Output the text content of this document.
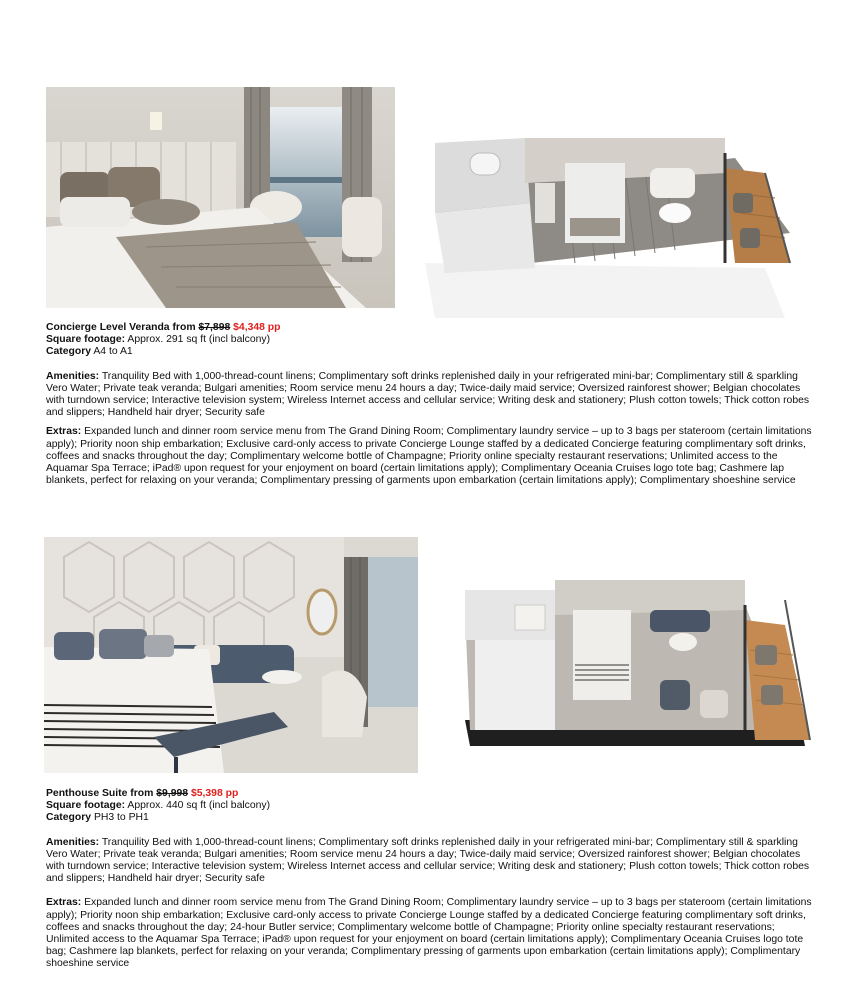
Concierge Level Veranda from $7,898 $4,348 pp

Square footage: Approx. 291 sq ft (incl balcony)

Category A4 to A1

Amenities: Tranquility Bed with 1,000-thread-count linens; Complimentary soft drinks replenished daily in your refrigerated mini-bar; Complimentary still & sparkling Vero Water; Private teak veranda; Bulgari amenities; Room service menu 24 hours a day; Twice-daily maid service; Oversized rainforest shower; Belgian chocolates with turndown service; Interactive television system; Wireless Internet access and cellular service; Writing desk and stationery; Plush cotton towels; Thick cotton robes and slippers; Handheld hair dryer; Security safe

Extras: Expanded lunch and dinner room service menu from The Grand Dining Room; Complimentary laundry service – up to 3 bags per stateroom (certain limitations apply); Priority noon ship embarkation; Exclusive card-only access to private Concierge Lounge staffed by a dedicated Concierge featuring complimentary soft drinks, coffees and snacks throughout the day; Complimentary welcome bottle of Champagne; Priority online specialty restaurant reservations; Unlimited access to the Aquamar Spa Terrace; iPad® upon request for your enjoyment on board (certain limitations apply); Complimentary Oceania Cruises logo tote bag; Cashmere lap blankets, perfect for relaxing on your veranda; Complimentary pressing of garments upon embarkation (certain limitations apply); Complimentary shoeshine service

Penthouse Suite from $9,998 $5,398 pp

Square footage: Approx. 440 sq ft (incl balcony)

Category PH3 to PH1

Amenities: Tranquility Bed with 1,000-thread-count linens; Complimentary soft drinks replenished daily in your refrigerated mini-bar; Complimentary still & sparkling Vero Water; Private teak veranda; Bulgari amenities; Room service menu 24 hours a day; Twice-daily maid service; Oversized rainforest shower; Belgian chocolates with turndown service; Interactive television system; Wireless Internet access and cellular service; Writing desk and stationery; Plush cotton towels; Thick cotton robes and slippers; Handheld hair dryer; Security safe

Extras: Expanded lunch and dinner room service menu from The Grand Dining Room; Complimentary laundry service – up to 3 bags per stateroom (certain limitations apply); Priority noon ship embarkation; Exclusive card-only access to private Concierge Lounge staffed by a dedicated Concierge featuring complimentary soft drinks, coffees and snacks throughout the day; 24-hour Butler service; Complimentary welcome bottle of Champagne; Priority online specialty restaurant reservations; Unlimited access to the Aquamar Spa Terrace; iPad® upon request for your enjoyment on board (certain limitations apply); Complimentary Oceania Cruises logo tote bag; Cashmere lap blankets, perfect for relaxing on your veranda; Complimentary pressing of garments upon embarkation (certain limitations apply); Complimentary shoeshine service
